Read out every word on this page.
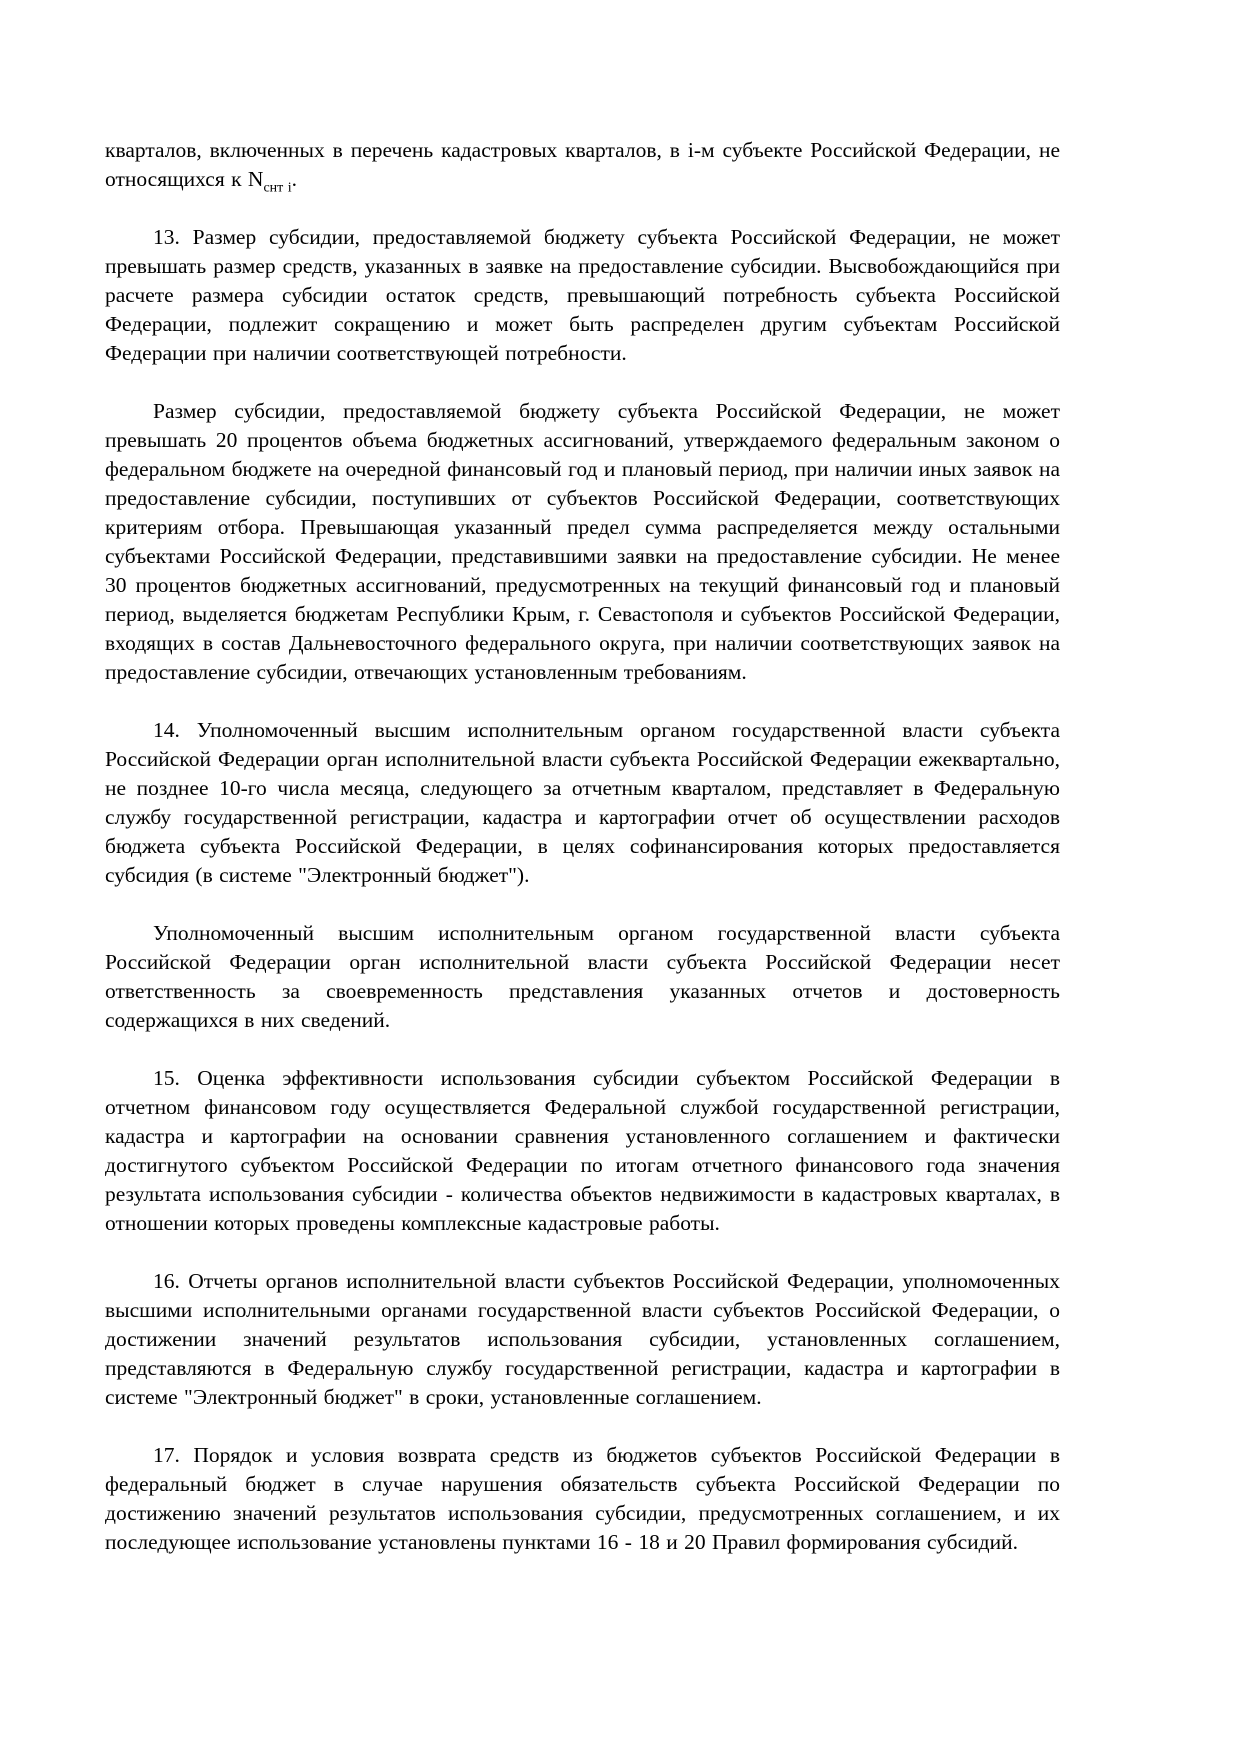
кварталов, включенных в перечень кадастровых кварталов, в i-м субъекте Российской Федерации, не относящихся к $N_{снт i}$.

13. Размер субсидии, предоставляемой бюджету субъекта Российской Федерации, не может превышать размер средств, указанных в заявке на предоставление субсидии. Высвобождающийся при расчете размера субсидии остаток средств, превышающий потребность субъекта Российской Федерации, подлежит сокращению и может быть распределен другим субъектам Российской Федерации при наличии соответствующей потребности.

Размер субсидии, предоставляемой бюджету субъекта Российской Федерации, не может превышать 20 процентов объема бюджетных ассигнований, утверждаемого федеральным законом о федеральном бюджете на очередной финансовый год и плановый период, при наличии иных заявок на предоставление субсидии, поступивших от субъектов Российской Федерации, соответствующих критериям отбора. Превышающая указанный предел сумма распределяется между остальными субъектами Российской Федерации, представившими заявки на предоставление субсидии. Не менее 30 процентов бюджетных ассигнований, предусмотренных на текущий финансовый год и плановый период, выделяется бюджетам Республики Крым, г. Севастополя и субъектов Российской Федерации, входящих в состав Дальневосточного федерального округа, при наличии соответствующих заявок на предоставление субсидии, отвечающих установленным требованиям.

14. Уполномоченный высшим исполнительным органом государственной власти субъекта Российской Федерации орган исполнительной власти субъекта Российской Федерации ежеквартально, не позднее 10-го числа месяца, следующего за отчетным кварталом, представляет в Федеральную службу государственной регистрации, кадастра и картографии отчет об осуществлении расходов бюджета субъекта Российской Федерации, в целях софинансирования которых предоставляется субсидия (в системе "Электронный бюджет").

Уполномоченный высшим исполнительным органом государственной власти субъекта Российской Федерации орган исполнительной власти субъекта Российской Федерации несет ответственность за своевременность представления указанных отчетов и достоверность содержащихся в них сведений.

15. Оценка эффективности использования субсидии субъектом Российской Федерации в отчетном финансовом году осуществляется Федеральной службой государственной регистрации, кадастра и картографии на основании сравнения установленного соглашением и фактически достигнутого субъектом Российской Федерации по итогам отчетного финансового года значения результата использования субсидии - количества объектов недвижимости в кадастровых кварталах, в отношении которых проведены комплексные кадастровые работы.

16. Отчеты органов исполнительной власти субъектов Российской Федерации, уполномоченных высшими исполнительными органами государственной власти субъектов Российской Федерации, о достижении значений результатов использования субсидии, установленных соглашением, представляются в Федеральную службу государственной регистрации, кадастра и картографии в системе "Электронный бюджет" в сроки, установленные соглашением.

17. Порядок и условия возврата средств из бюджетов субъектов Российской Федерации в федеральный бюджет в случае нарушения обязательств субъекта Российской Федерации по достижению значений результатов использования субсидии, предусмотренных соглашением, и их последующее использование установлены пунктами 16 - 18 и 20 Правил формирования субсидий.
